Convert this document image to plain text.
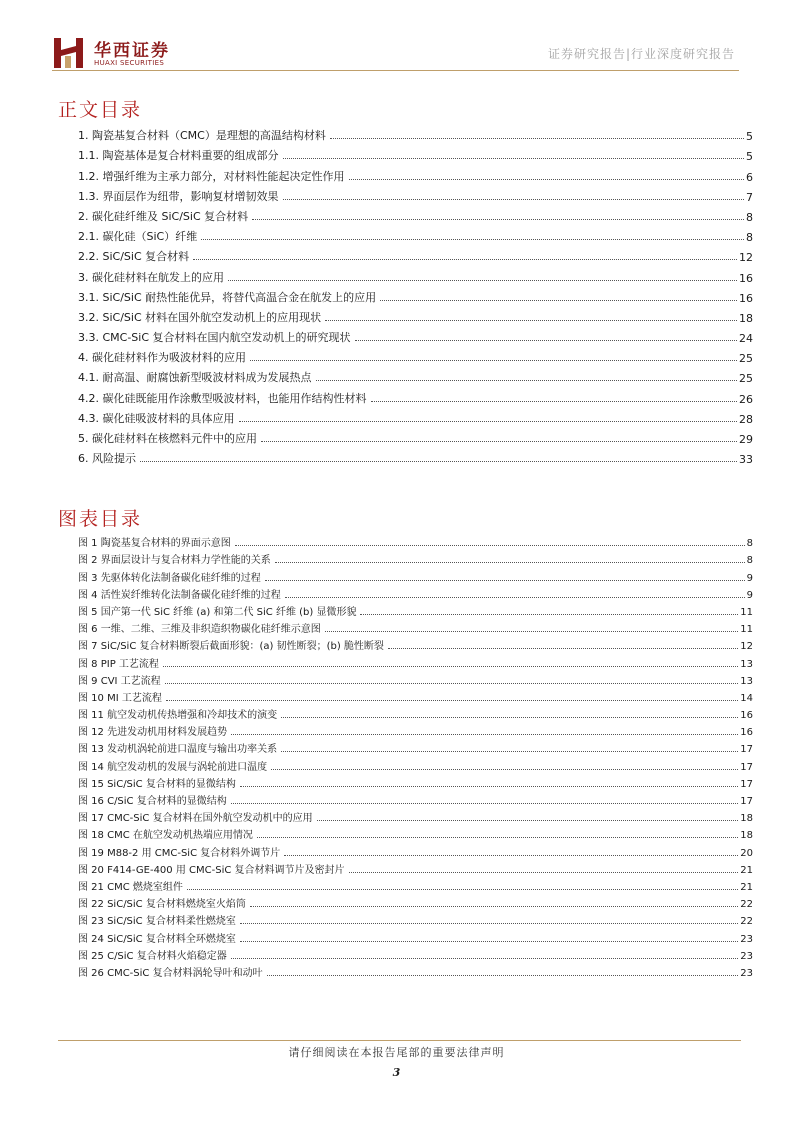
华西证券
HUAXI SECURITIES
证券研究报告|行业深度研究报告
正文目录
1. 陶瓷基复合材料（CMC）是理想的高温结构材料	5
1.1. 陶瓷基体是复合材料重要的组成部分	5
1.2. 增强纤维为主承力部分，对材料性能起决定性作用	6
1.3. 界面层作为纽带，影响复材增韧效果	7
2. 碳化硅纤维及 SiC/SiC 复合材料	8
2.1. 碳化硅（SiC）纤维	8
2.2. SiC/SiC 复合材料	12
3. 碳化硅材料在航发上的应用	16
3.1. SiC/SiC 耐热性能优异，将替代高温合金在航发上的应用	16
3.2. SiC/SiC 材料在国外航空发动机上的应用现状	18
3.3. CMC-SiC 复合材料在国内航空发动机上的研究现状	24
4. 碳化硅材料作为吸波材料的应用	25
4.1. 耐高温、耐腐蚀新型吸波材料成为发展热点	25
4.2. 碳化硅既能用作涂敷型吸波材料，也能用作结构性材料	26
4.3. 碳化硅吸波材料的具体应用	28
5. 碳化硅材料在核燃料元件中的应用	29
6. 风险提示	33
图表目录
图 1 陶瓷基复合材料的界面示意图	8
图 2 界面层设计与复合材料力学性能的关系	8
图 3 先驱体转化法制备碳化硅纤维的过程	9
图 4 活性炭纤维转化法制备碳化硅纤维的过程	9
图 5 国产第一代 SiC 纤维 (a) 和第二代 SiC 纤维 (b) 显微形貌	11
图 6 一维、二维、三维及非织造织物碳化硅纤维示意图	11
图 7 SiC/SiC 复合材料断裂后截面形貌：(a) 韧性断裂；(b) 脆性断裂	12
图 8 PIP 工艺流程	13
图 9 CVI 工艺流程	13
图 10 MI 工艺流程	14
图 11 航空发动机传热增强和冷却技术的演变	16
图 12 先进发动机用材料发展趋势	16
图 13 发动机涡轮前进口温度与输出功率关系	17
图 14 航空发动机的发展与涡轮前进口温度	17
图 15 SiC/SiC 复合材料的显微结构	17
图 16 C/SiC 复合材料的显微结构	17
图 17 CMC-SiC 复合材料在国外航空发动机中的应用	18
图 18 CMC 在航空发动机热端应用情况	18
图 19 M88-2 用 CMC-SiC 复合材料外调节片	20
图 20 F414-GE-400 用 CMC-SiC 复合材料调节片及密封片	21
图 21 CMC 燃烧室组件	21
图 22 SiC/SiC 复合材料燃烧室火焰筒	22
图 23 SiC/SiC 复合材料柔性燃烧室	22
图 24 SiC/SiC 复合材料全环燃烧室	23
图 25 C/SiC 复合材料火焰稳定器	23
图 26 CMC-SiC 复合材料涡轮导叶和动叶	23
请仔细阅读在本报告尾部的重要法律声明
3
